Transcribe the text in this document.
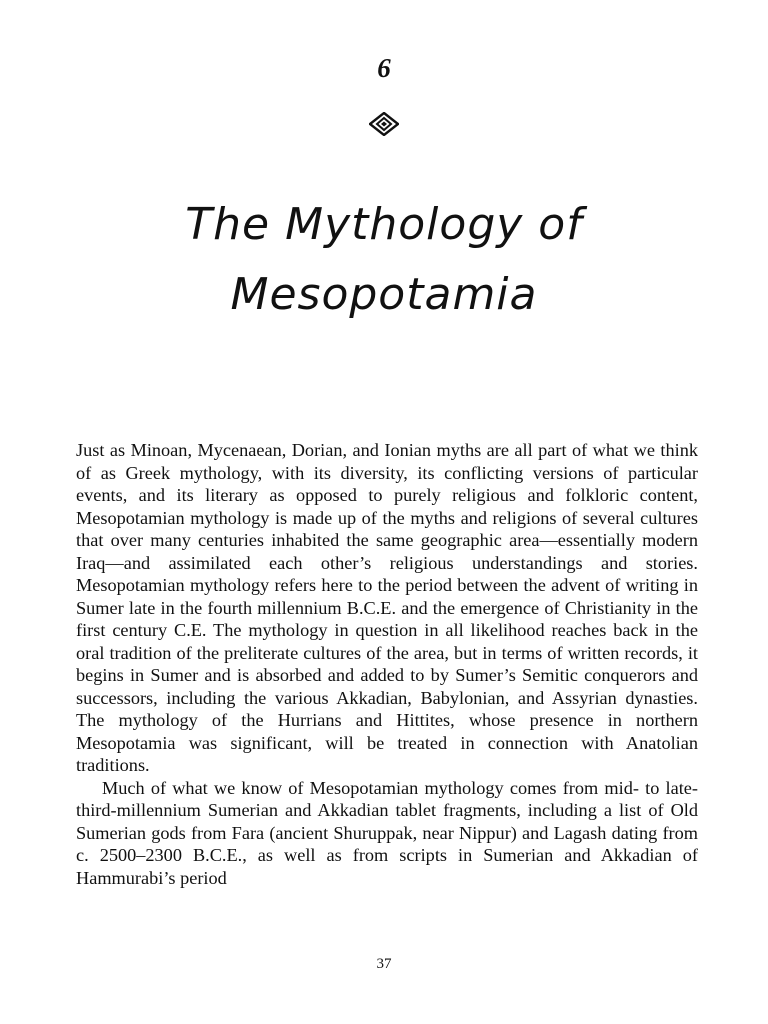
6
The Mythology of
Mesopotamia

Just as Minoan, Mycenaean, Dorian, and Ionian myths are all part of what we think of as Greek mythology, with its diversity, its conflicting versions of particular events, and its literary as opposed to purely religious and folkloric content, Mesopotamian mythology is made up of the myths and religions of several cultures that over many centuries inhabited the same geographic area—essentially modern Iraq—and assimilated each other’s religious understandings and stories. Mesopotamian mythology refers here to the period between the advent of writing in Sumer late in the fourth millennium B.C.E. and the emergence of Christianity in the first century C.E. The mythology in question in all likelihood reaches back in the oral tradition of the preliterate cultures of the area, but in terms of written records, it begins in Sumer and is absorbed and added to by Sumer’s Semitic conquerors and successors, including the various Akkadian, Babylonian, and Assyrian dynasties. The mythology of the Hurrians and Hittites, whose presence in northern Mesopotamia was significant, will be treated in connection with Anatolian traditions.

Much of what we know of Mesopotamian mythology comes from mid- to late-third-millennium Sumerian and Akkadian tablet fragments, including a list of Old Sumerian gods from Fara (ancient Shuruppak, near Nippur) and Lagash dating from c. 2500–2300 B.C.E., as well as from scripts in Sumerian and Akkadian of Hammurabi’s period

37
